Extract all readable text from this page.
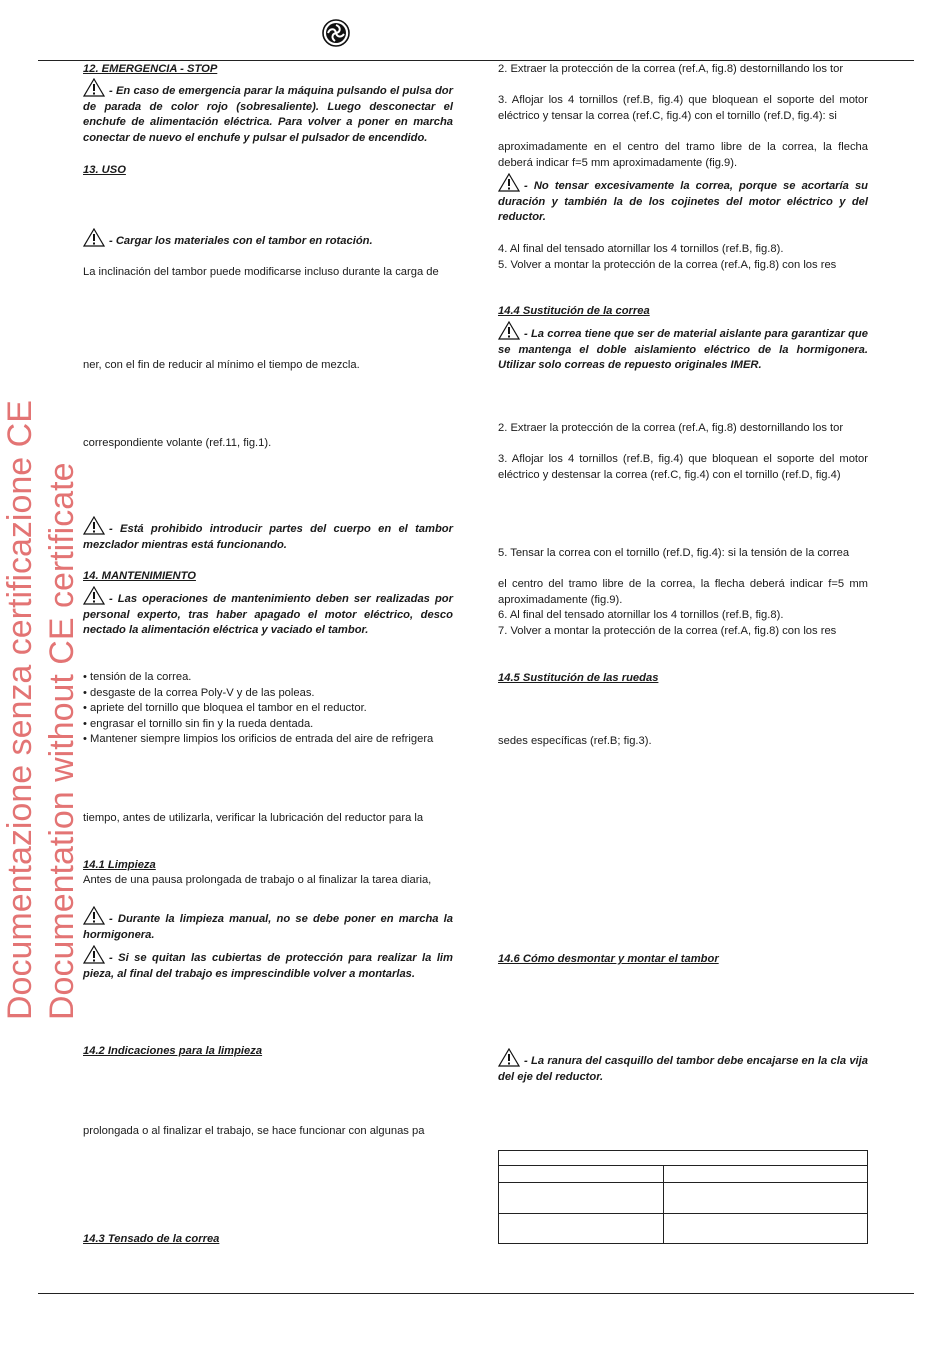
Documentazione senza certificazione CE Documentation without CE certificate
12. EMERGENCIA - STOP
- En caso de emergencia parar la máquina pulsando el pulsa dor de parada de color rojo (sobresaliente). Luego desconectar el enchufe de alimentación eléctrica. Para volver a poner en marcha conectar de nuevo el enchufe y pulsar el pulsador de encendido.
13. USO
- Cargar los materiales con el tambor en rotación.
La inclinación del tambor puede modificarse incluso durante la carga de
ner, con el fin de reducir al mínimo el tiempo de mezcla.
correspondiente volante (ref.11, fig.1).
- Está prohibido introducir partes del cuerpo en el tambor mezclador mientras está funcionando.
14. MANTENIMIENTO
- Las operaciones de mantenimiento deben ser realizadas por personal experto, tras haber apagado el motor eléctrico, desco nectado la alimentación eléctrica y vaciado el tambor.
• tensión de la correa.
• desgaste de la correa Poly-V y de las poleas.
• apriete del tornillo que bloquea el tambor en el reductor.
• engrasar el tornillo sin fin y la rueda dentada.
• Mantener siempre limpios los orificios de entrada del aire de refrigera
tiempo, antes de utilizarla, verificar la lubricación del reductor para la
14.1 Limpieza
Antes de una pausa prolongada de trabajo o al finalizar la tarea diaria,
- Durante la limpieza manual, no se debe poner en marcha la hormigonera.
- Si se quitan las cubiertas de protección para realizar la lim pieza, al final del trabajo es imprescindible volver a montarlas.
14.2 Indicaciones para la limpieza
prolongada o al finalizar el trabajo, se hace funcionar con algunas pa
14.3 Tensado de la correa
2. Extraer la protección de la correa (ref.A, fig.8) destornillando los tor
3. Aflojar los 4 tornillos (ref.B, fig.4) que bloquean el soporte del motor eléctrico y tensar la correa (ref.C, fig.4) con el tornillo (ref.D, fig.4): si
aproximadamente en el centro del tramo libre de la correa, la flecha deberá indicar f=5 mm aproximadamente (fig.9).
- No tensar excesivamente la correa, porque se acortaría su duración y también la de los cojinetes del motor eléctrico y del reductor.
4. Al final del tensado atornillar los 4 tornillos (ref.B, fig.8).
5. Volver a montar la protección de la correa (ref.A, fig.8) con los res
14.4 Sustitución de la correa
- La correa tiene que ser de material aislante para garantizar que se mantenga el doble aislamiento eléctrico de la hormigonera. Utilizar solo correas de repuesto originales IMER.
2. Extraer la protección de la correa (ref.A, fig.8) destornillando los tor
3. Aflojar los 4 tornillos (ref.B, fig.4) que bloquean el soporte del motor eléctrico y destensar la correa (ref.C, fig.4) con el tornillo (ref.D, fig.4)
5. Tensar la correa con el tornillo (ref.D, fig.4): si la tensión de la correa
el centro del tramo libre de la correa, la flecha deberá indicar f=5 mm aproximadamente (fig.9).
6. Al final del tensado atornillar los 4 tornillos (ref.B, fig.8).
7. Volver a montar la protección de la correa (ref.A, fig.8) con los res
14.5 Sustitución de las ruedas
sedes específicas (ref.B; fig.3).
14.6 Cómo desmontar y montar el tambor
- La ranura del casquillo del tambor debe encajarse en la cla vija del eje del reductor.
